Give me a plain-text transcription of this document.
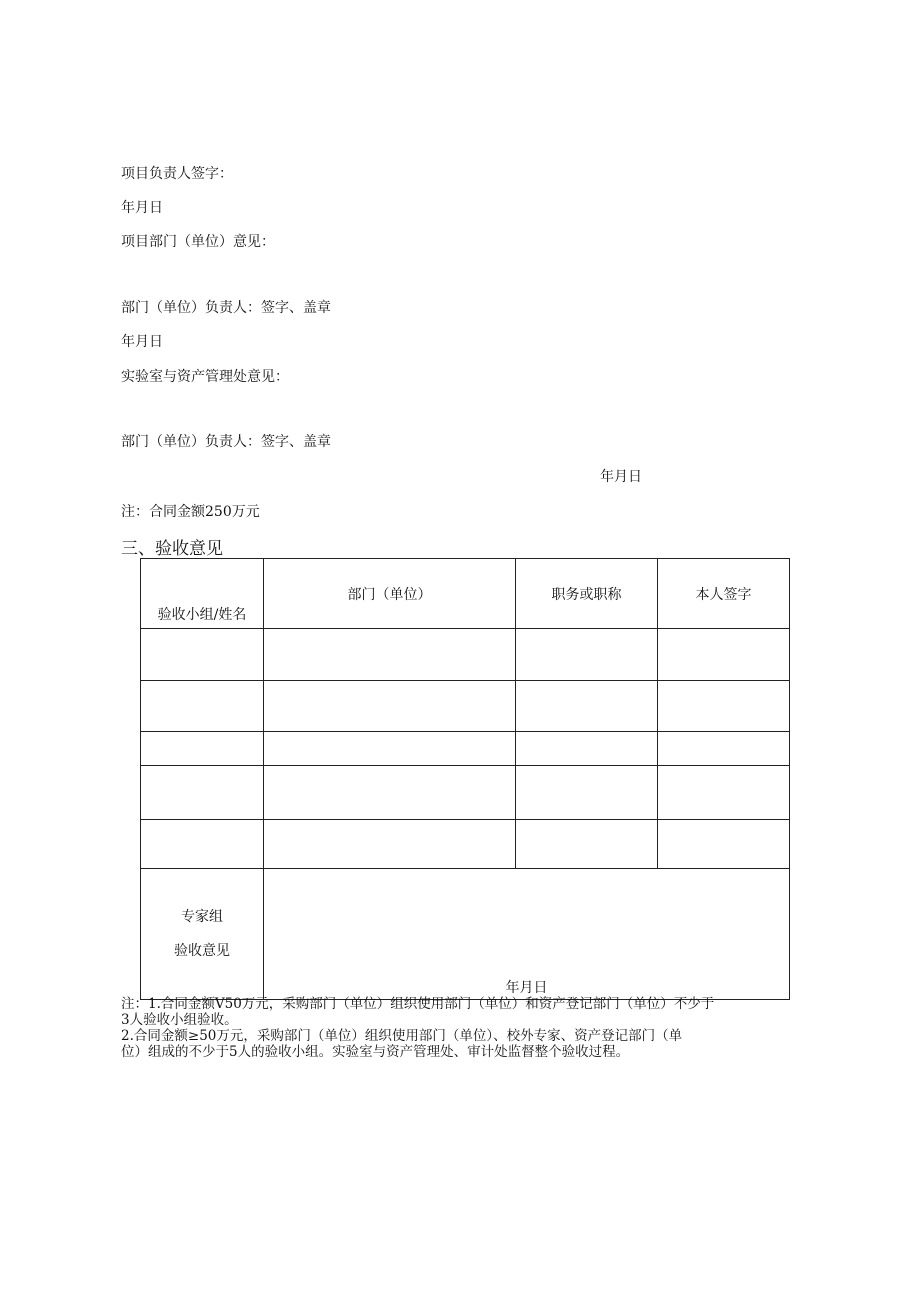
项目负责人签字：
年月日
项目部门（单位）意见：
部门（单位）负责人：签字、盖章
年月日
实验室与资产管理处意见：
部门（单位）负责人：签字、盖章
年月日
注：合同金额250万元
三、验收意见
验收小组/姓名	部门（单位）	职务或职称	本人签字

专家组
验收意见	年月日		
注：1.合同金额V50万元，采购部门（单位）组织使用部门（单位）和资产登记部门（单位）不少于
3人验收小组验收。
2.合同金额≥50万元，采购部门（单位）组织使用部门（单位）、校外专家、资产登记部门（单
位）组成的不少于5人的验收小组。实验室与资产管理处、审计处监督整个验收过程。
